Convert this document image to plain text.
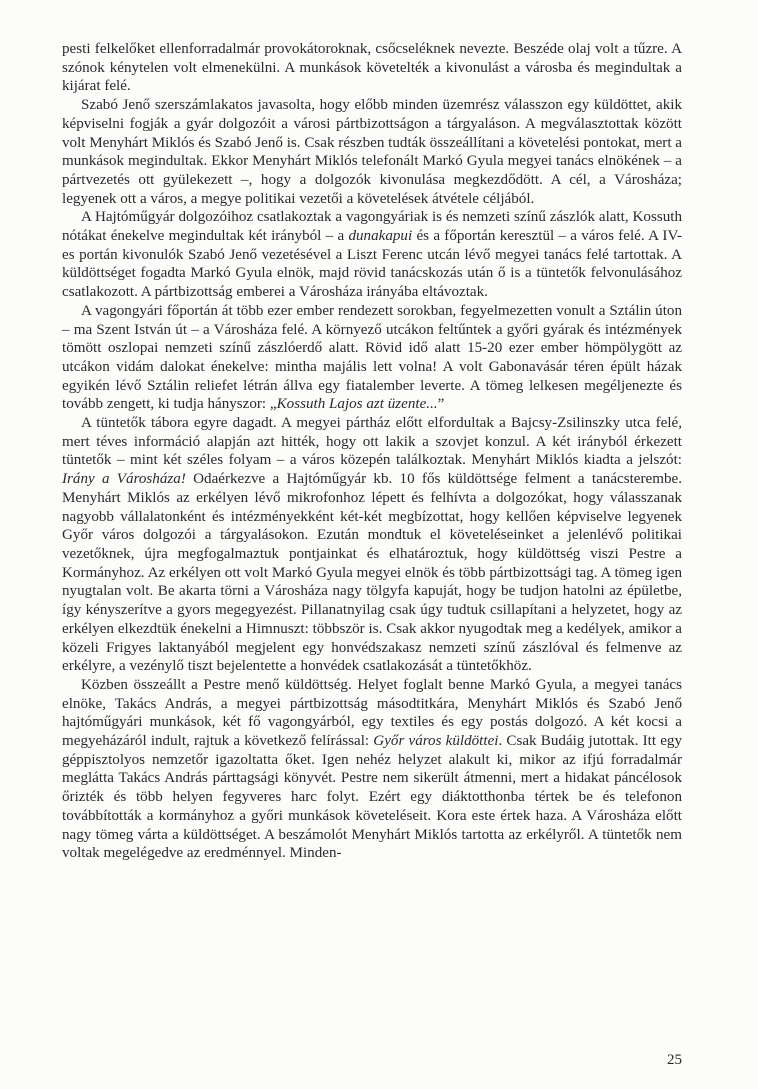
pesti felkelőket ellenforradalmár provokátoroknak, csőcseléknek nevezte. Beszéde olaj volt a tűzre. A szónok kénytelen volt elmenekülni. A munkások követelték a kivonulást a városba és megindultak a kijárat felé.

Szabó Jenő szerszámlakatos javasolta, hogy előbb minden üzemrész válasszon egy küldöttet, akik képviselni fogják a gyár dolgozóit a városi pártbizottságon a tárgyaláson. A megválasztottak között volt Menyhárt Miklós és Szabó Jenő is. Csak részben tudták összeállítani a követelési pontokat, mert a munkások megindultak. Ekkor Menyhárt Miklós telefonált Markó Gyula megyei tanács elnökének – a pártvezetés ott gyülekezett –, hogy a dolgozók kivonulása megkezdődött. A cél, a Városháza; legyenek ott a város, a megye politikai vezetői a követelések átvétele céljából.

A Hajtóműgyár dolgozóihoz csatlakoztak a vagongyáriak is és nemzeti színű zászlók alatt, Kossuth nótákat énekelve megindultak két irányból – a dunakapui és a főportán keresztül – a város felé. A IV-es portán kivonulók Szabó Jenő vezetésével a Liszt Ferenc utcán lévő megyei tanács felé tartottak. A küldöttséget fogadta Markó Gyula elnök, majd rövid tanácskozás után ő is a tüntetők felvonulásához csatlakozott. A pártbizottság emberei a Városháza irányába eltávoztak.

A vagongyári főportán át több ezer ember rendezett sorokban, fegyelmezetten vonult a Sztálin úton – ma Szent István út – a Városháza felé. A környező utcákon feltűntek a győri gyárak és intézmények tömött oszlopai nemzeti színű zászlóerdő alatt. Rövid idő alatt 15-20 ezer ember hömpölygött az utcákon vidám dalokat énekelve: mintha majális lett volna! A volt Gabonavásár téren épült házak egyikén lévő Sztálin reliefet létrán állva egy fiatalember leverte. A tömeg lelkesen megéljenezte és tovább zengett, ki tudja hányszor: „Kossuth Lajos azt üzente...”

A tüntetők tábora egyre dagadt. A megyei pártház előtt elfordultak a Bajcsy-Zsilinszky utca felé, mert téves információ alapján azt hitték, hogy ott lakik a szovjet konzul. A két irányból érkezett tüntetők – mint két széles folyam – a város közepén találkoztak. Menyhárt Miklós kiadta a jelszót: Irány a Városháza! Odaérkezve a Hajtóműgyár kb. 10 fős küldöttsége felment a tanácsterembe. Menyhárt Miklós az erkélyen lévő mikrofonhoz lépett és felhívta a dolgozókat, hogy válasszanak nagyobb vállalatonként és intézményekként két-két megbízottat, hogy kellően képviselve legyenek Győr város dolgozói a tárgyalásokon. Ezután mondtuk el követeléseinket a jelenlévő politikai vezetőknek, újra megfogalmaztuk pontjainkat és elhatároztuk, hogy küldöttség viszi Pestre a Kormányhoz. Az erkélyen ott volt Markó Gyula megyei elnök és több pártbizottsági tag. A tömeg igen nyugtalan volt. Be akarta törni a Városháza nagy tölgyfa kapuját, hogy be tudjon hatolni az épületbe, így kényszerítve a gyors megegyezést. Pillanatnyilag csak úgy tudtuk csillapítani a helyzetet, hogy az erkélyen elkezdtük énekelni a Himnuszt: többször is. Csak akkor nyugodtak meg a kedélyek, amikor a közeli Frigyes laktanyából megjelent egy honvédszakasz nemzeti színű zászlóval és felmenve az erkélyre, a vezénylő tiszt bejelentette a honvédek csatlakozását a tüntetőkhöz.

Közben összeállt a Pestre menő küldöttség. Helyet foglalt benne Markó Gyula, a megyei tanács elnöke, Takács András, a megyei pártbizottság másodtitkára, Menyhárt Miklós és Szabó Jenő hajtóműgyári munkások, két fő vagongyárból, egy textiles és egy postás dolgozó. A két kocsi a megyeházáról indult, rajtuk a következő felírással: Győr város küldöttei. Csak Budáig jutottak. Itt egy géppisztolyos nemzetőr igazoltatta őket. Igen nehéz helyzet alakult ki, mikor az ifjú forradalmár meglátta Takács András párttagsági könyvét. Pestre nem sikerült átmenni, mert a hidakat páncélosok őrizték és több helyen fegyveres harc folyt. Ezért egy diáktotthonba tértek be és telefonon továbbították a kormányhoz a győri munkások követeléseit. Kora este értek haza. A Városháza előtt nagy tömeg várta a küldöttséget. A beszámolót Menyhárt Miklós tartotta az erkélyről. A tüntetők nem voltak megelégedve az eredménnyel. Minden-

25
